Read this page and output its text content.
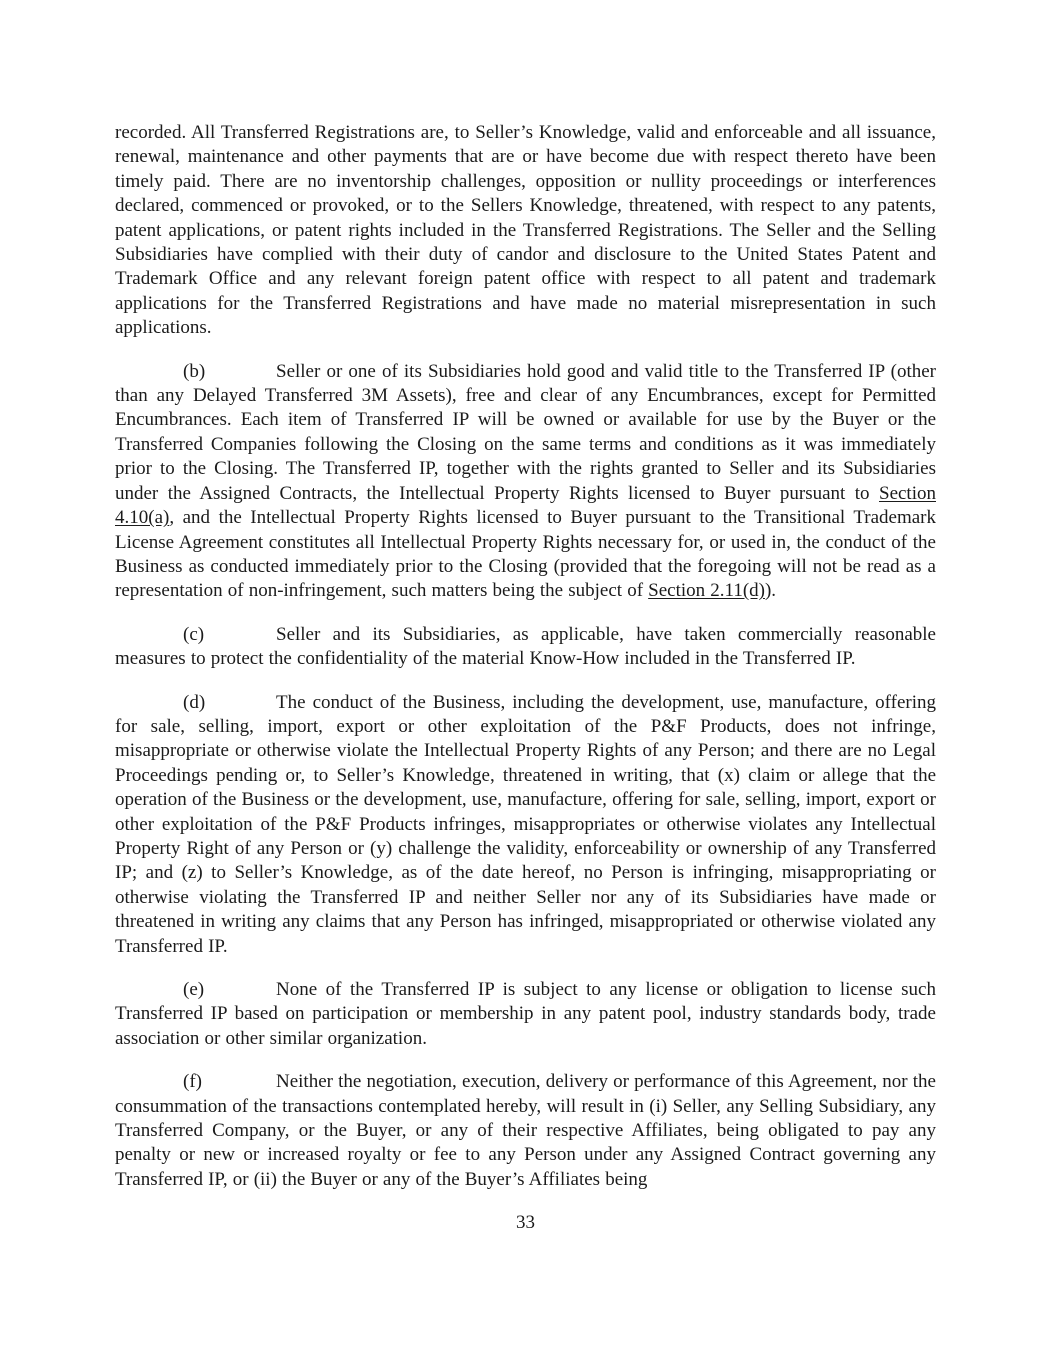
recorded. All Transferred Registrations are, to Seller’s Knowledge, valid and enforceable and all issuance, renewal, maintenance and other payments that are or have become due with respect thereto have been timely paid. There are no inventorship challenges, opposition or nullity proceedings or interferences declared, commenced or provoked, or to the Sellers Knowledge, threatened, with respect to any patents, patent applications, or patent rights included in the Transferred Registrations. The Seller and the Selling Subsidiaries have complied with their duty of candor and disclosure to the United States Patent and Trademark Office and any relevant foreign patent office with respect to all patent and trademark applications for the Transferred Registrations and have made no material misrepresentation in such applications.

(b)	Seller or one of its Subsidiaries hold good and valid title to the Transferred IP (other than any Delayed Transferred 3M Assets), free and clear of any Encumbrances, except for Permitted Encumbrances. Each item of Transferred IP will be owned or available for use by the Buyer or the Transferred Companies following the Closing on the same terms and conditions as it was immediately prior to the Closing. The Transferred IP, together with the rights granted to Seller and its Subsidiaries under the Assigned Contracts, the Intellectual Property Rights licensed to Buyer pursuant to Section 4.10(a), and the Intellectual Property Rights licensed to Buyer pursuant to the Transitional Trademark License Agreement constitutes all Intellectual Property Rights necessary for, or used in, the conduct of the Business as conducted immediately prior to the Closing (provided that the foregoing will not be read as a representation of non-infringement, such matters being the subject of Section 2.11(d)).

(c)	Seller and its Subsidiaries, as applicable, have taken commercially reasonable measures to protect the confidentiality of the material Know-How included in the Transferred IP.

(d)	The conduct of the Business, including the development, use, manufacture, offering for sale, selling, import, export or other exploitation of the P&F Products, does not infringe, misappropriate or otherwise violate the Intellectual Property Rights of any Person; and there are no Legal Proceedings pending or, to Seller’s Knowledge, threatened in writing, that (x) claim or allege that the operation of the Business or the development, use, manufacture, offering for sale, selling, import, export or other exploitation of the P&F Products infringes, misappropriates or otherwise violates any Intellectual Property Right of any Person or (y) challenge the validity, enforceability or ownership of any Transferred IP; and (z) to Seller’s Knowledge, as of the date hereof, no Person is infringing, misappropriating or otherwise violating the Transferred IP and neither Seller nor any of its Subsidiaries have made or threatened in writing any claims that any Person has infringed, misappropriated or otherwise violated any Transferred IP.

(e)	None of the Transferred IP is subject to any license or obligation to license such Transferred IP based on participation or membership in any patent pool, industry standards body, trade association or other similar organization.

(f)	Neither the negotiation, execution, delivery or performance of this Agreement, nor the consummation of the transactions contemplated hereby, will result in (i) Seller, any Selling Subsidiary, any Transferred Company, or the Buyer, or any of their respective Affiliates, being obligated to pay any penalty or new or increased royalty or fee to any Person under any Assigned Contract governing any Transferred IP, or (ii) the Buyer or any of the Buyer’s Affiliates being

33
